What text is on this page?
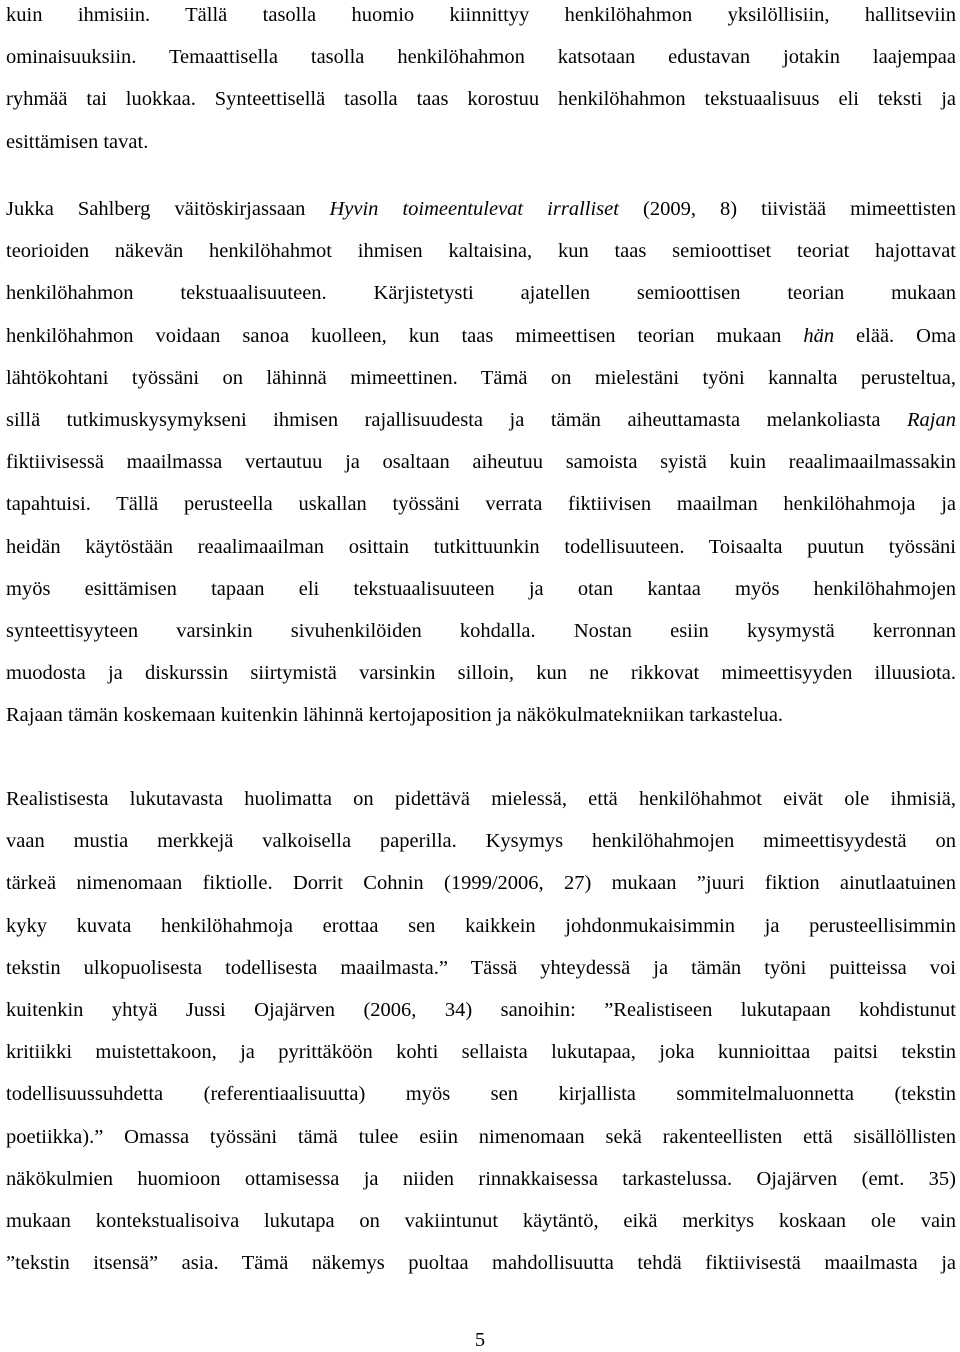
kuin ihmisiin. Tällä tasolla huomio kiinnittyy henkilöhahmon yksilöllisiin, hallitseviin
ominaisuuksiin. Temaattisella tasolla henkilöhahmon katsotaan edustavan jotakin laajempaa
ryhmää tai luokkaa. Synteettisellä tasolla taas korostuu henkilöhahmon tekstuaalisuus eli teksti ja
esittämisen tavat.
Jukka Sahlberg väitöskirjassaan Hyvin toimeentulevat irralliset (2009, 8) tiivistää mimeettisten
teorioiden näkevän henkilöhahmot ihmisen kaltaisina, kun taas semioottiset teoriat hajottavat
henkilöhahmon tekstuaalisuuteen. Kärjistetysti ajatellen semioottisen teorian mukaan
henkilöhahmon voidaan sanoa kuolleen, kun taas mimeettisen teorian mukaan hän elää. Oma
lähtökohtani työssäni on lähinnä mimeettinen. Tämä on mielestäni työni kannalta perusteltua,
sillä tutkimuskysymykseni ihmisen rajallisuudesta ja tämän aiheuttamasta melankoliasta Rajan
fiktiivisessä maailmassa vertautuu ja osaltaan aiheutuu samoista syistä kuin reaalimaailmassakin
tapahtuisi. Tällä perusteella uskallan työssäni verrata fiktiivisen maailman henkilöhahmoja ja
heidän käytöstään reaalimaailman osittain tutkittuunkin todellisuuteen. Toisaalta puutun työssäni
myös esittämisen tapaan eli tekstuaalisuuteen ja otan kantaa myös henkilöhahmojen
synteettisyyteen varsinkin sivuhenkilöiden kohdalla. Nostan esiin kysymystä kerronnan
muodosta ja diskurssin siirtymistä varsinkin silloin, kun ne rikkovat mimeettisyyden illuusiota.
Rajaan tämän koskemaan kuitenkin lähinnä kertojaposition ja näkökulmatekniikan tarkastelua.
Realistisesta lukutavasta huolimatta on pidettävä mielessä, että henkilöhahmot eivät ole ihmisiä,
vaan mustia merkkejä valkoisella paperilla. Kysymys henkilöhahmojen mimeettisyydestä on
tärkeä nimenomaan fiktiolle. Dorrit Cohnin (1999/2006, 27) mukaan ”juuri fiktion ainutlaatuinen
kyky kuvata henkilöhahmoja erottaa sen kaikkein johdonmukaisimmin ja perusteellisimmin
tekstin ulkopuolisesta todellisesta maailmasta.” Tässä yhteydessä ja tämän työni puitteissa voi
kuitenkin yhtyä Jussi Ojajärven (2006, 34) sanoihin: ”Realistiseen lukutapaan kohdistunut
kritiikki muistettakoon, ja pyrittäköön kohti sellaista lukutapaa, joka kunnioittaa paitsi tekstin
todellisuussuhdetta (referentiaalisuutta) myös sen kirjallista sommitelmaluonnetta (tekstin
poetiikka).” Omassa työssäni tämä tulee esiin nimenomaan sekä rakenteellisten että sisällöllisten
näkökulmien huomioon ottamisessa ja niiden rinnakkaisessa tarkastelussa. Ojajärven (emt. 35)
mukaan kontekstualisoiva lukutapa on vakiintunut käytäntö, eikä merkitys koskaan ole vain
”tekstin itsensä” asia. Tämä näkemys puoltaa mahdollisuutta tehdä fiktiivisestä maailmasta ja
5
